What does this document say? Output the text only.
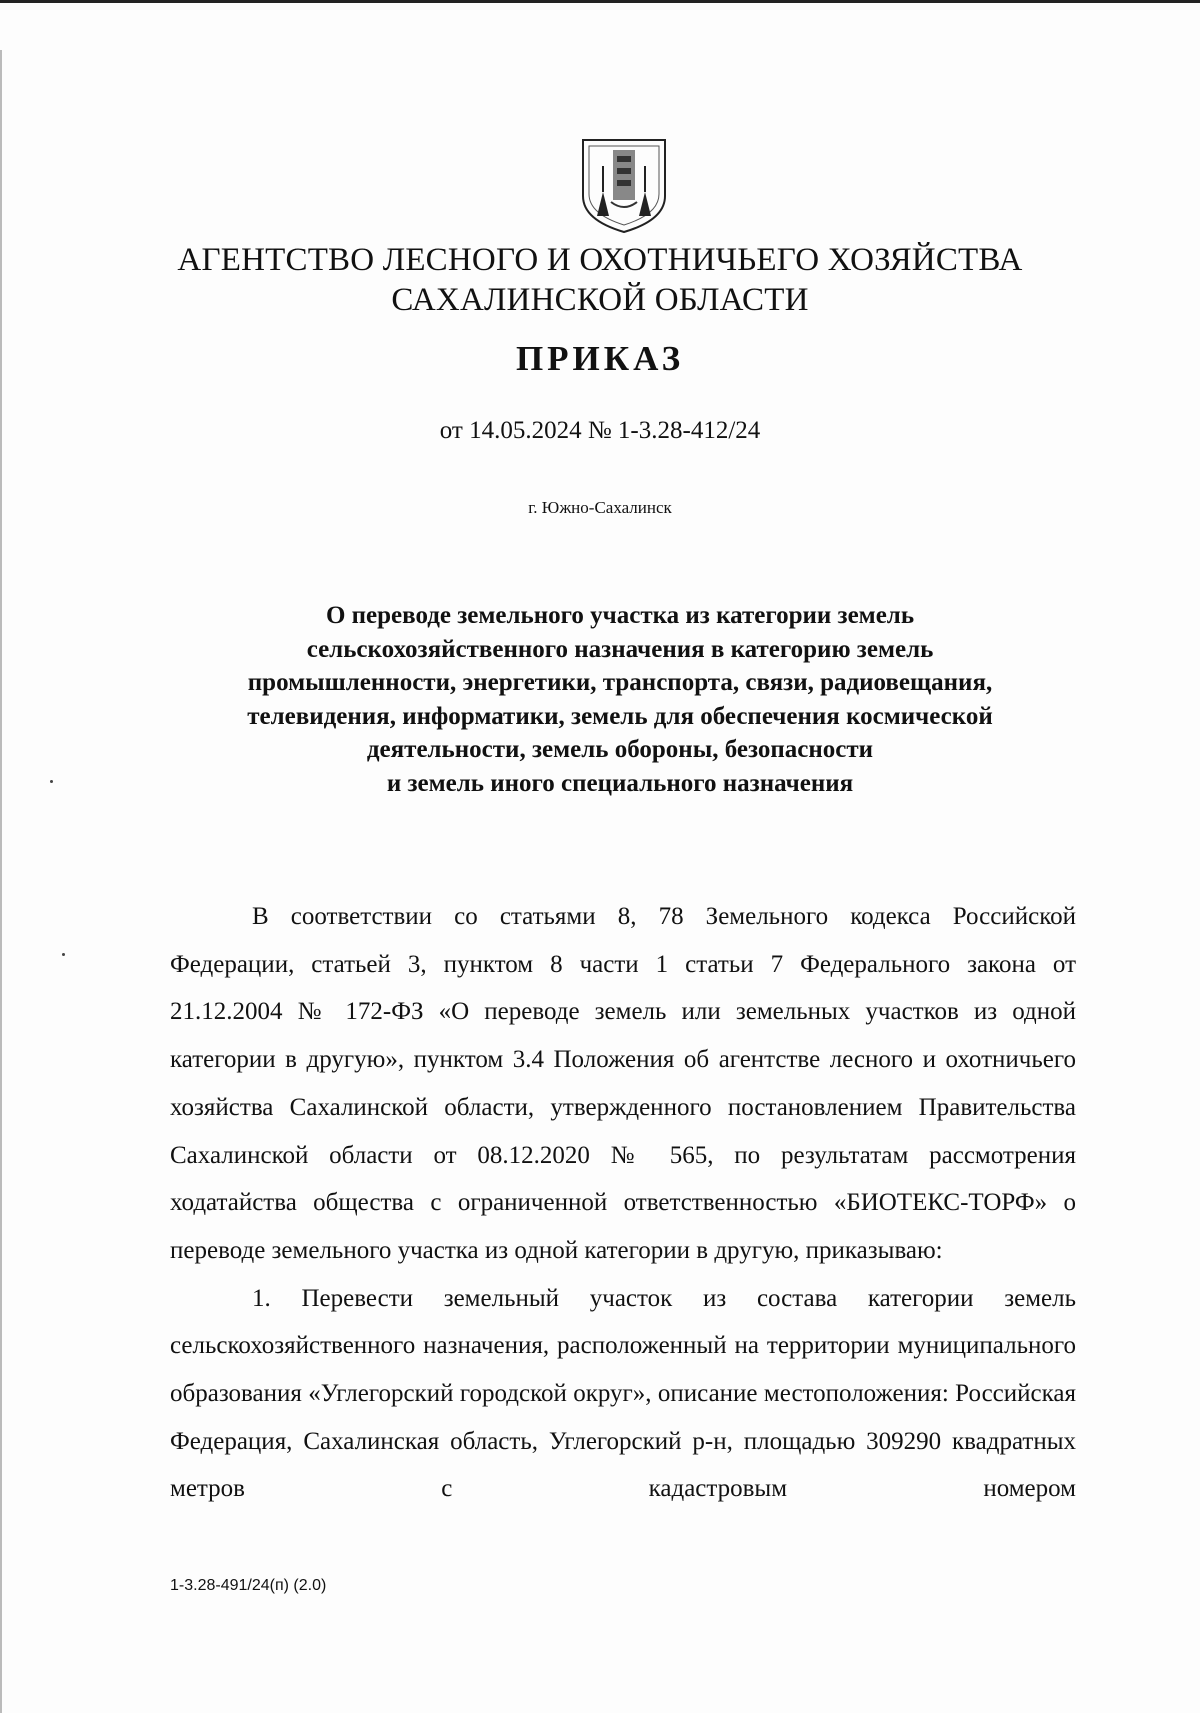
АГЕНТСТВО ЛЕСНОГО И ОХОТНИЧЬЕГО ХОЗЯЙСТВА
САХАЛИНСКОЙ ОБЛАСТИ
ПРИКАЗ
от 14.05.2024 № 1-3.28-412/24
г. Южно-Сахалинск
О переводе земельного участка из категории земель
сельскохозяйственного назначения в категорию земель
промышленности, энергетики, транспорта, связи, радиовещания,
телевидения, информатики, земель для обеспечения космической
деятельности, земель обороны, безопасности
и земель иного специального назначения
В соответствии со статьями 8, 78 Земельного кодекса Российской Федерации, статьей 3, пунктом 8 части 1 статьи 7 Федерального закона от 21.12.2004 № 172-ФЗ «О переводе земель или земельных участков из одной категории в другую», пунктом 3.4 Положения об агентстве лесного и охотничьего хозяйства Сахалинской области, утвержденного постановлением Правительства Сахалинской области от 08.12.2020 № 565, по результатам рассмотрения ходатайства общества с ограниченной ответственностью «БИОТЕКС-ТОРФ» о переводе земельного участка из одной категории в другую, приказываю:
1. Перевести земельный участок из состава категории земель сельскохозяйственного назначения, расположенный на территории муниципального образования «Углегорский городской округ», описание местоположения: Российская Федерация, Сахалинская область, Углегорский р-н, площадью 309290 квадратных метров с кадастровым номером
1-3.28-491/24(п) (2.0)
